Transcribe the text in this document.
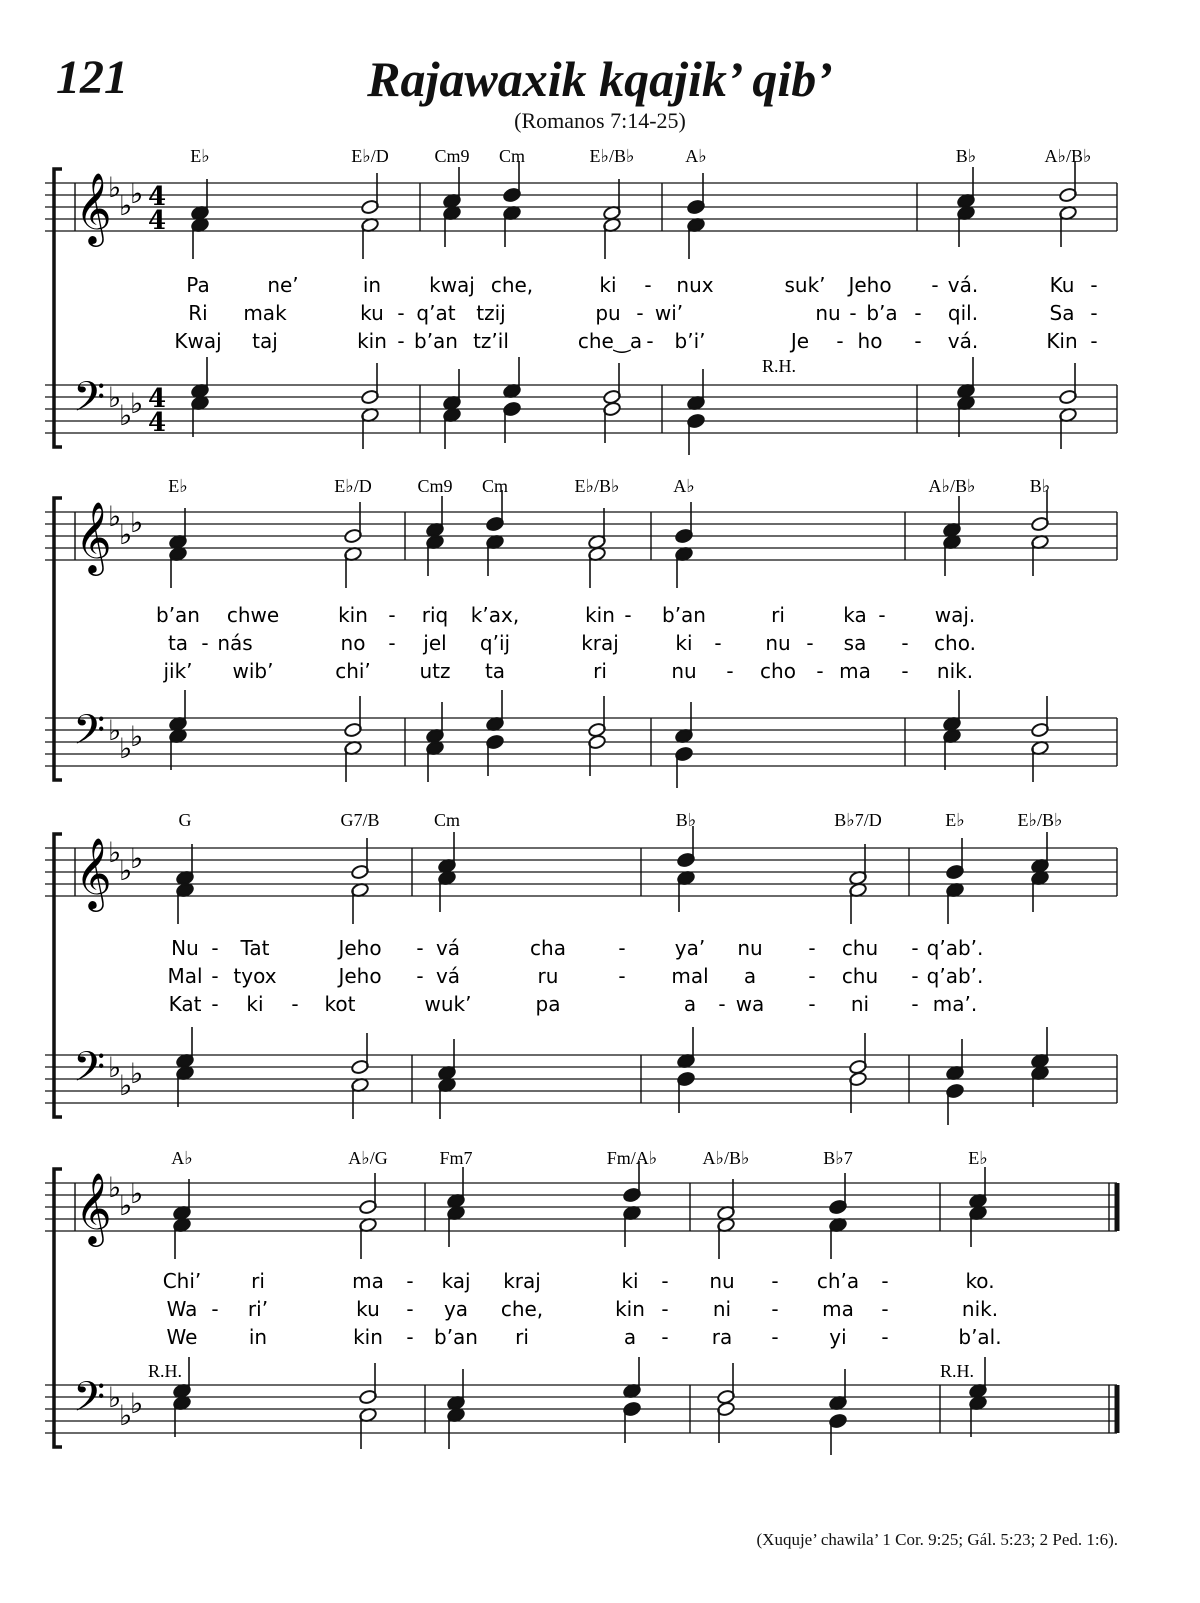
121	Rajawaxik kqajik’ qib’
(Romanos 7:14-25)
𝄞
𝄢
♭
♭
♭
♭
♭
♭
4
4
4
4
E♭	E♭/D	Cm9 Cm	E♭/B♭	A♭	B♭	A♭/B♭
Pa	ne’	in kwaj che,	ki - nux	suk’ Jeho - vá.	Ku -
Ri mak	ku - q’at tzij	pu - wi’	nu - b’a - qil.	Sa -
Kwaj taj	kin - b’an tz’il	che‿a - b’i’	Je - ho - vá.	Kin -
R.H.
𝄞
𝄢
♭
♭
♭
♭
♭
♭
E♭	E♭/D	Cm9 Cm	E♭/B♭	A♭	A♭/B♭	B♭
b’an chwe	kin - riq k’ax,	kin - b’an	ri	ka - waj.
ta - nás	no - jel q’ij	kraj	ki - nu - sa - cho.
jik’ wib’	chi’ utz ta	ri	nu - cho - ma - nik.
𝄞
𝄢
♭
♭
♭
♭
♭
♭
G	G7/B	Cm	B♭	B♭7/D	E♭	E♭/B♭
Nu - Tat	Jeho - vá	cha	- ya’ nu - chu - q’ab’.
Mal - tyox	Jeho - vá	ru	- mal a	- chu - q’ab’.
Kat - ki - kot	wuk’	pa	a - wa - ni - ma’.
𝄞
𝄢
♭
♭
♭
♭
♭
♭
A♭	A♭/G	Fm7	Fm/A♭	A♭/B♭	B♭7	E♭
Chi’ ri	ma - kaj kraj	ki - nu - ch’a -	ko.
Wa - ri’	ku - ya che,	kin - ni - ma -	nik.
We	in	kin - b’an ri	a - ra -	yi -	b’al.
R.H.	R.H.
(Xuquje’ chawila’ 1 Cor. 9:25; Gál. 5:23; 2 Ped. 1:6).
